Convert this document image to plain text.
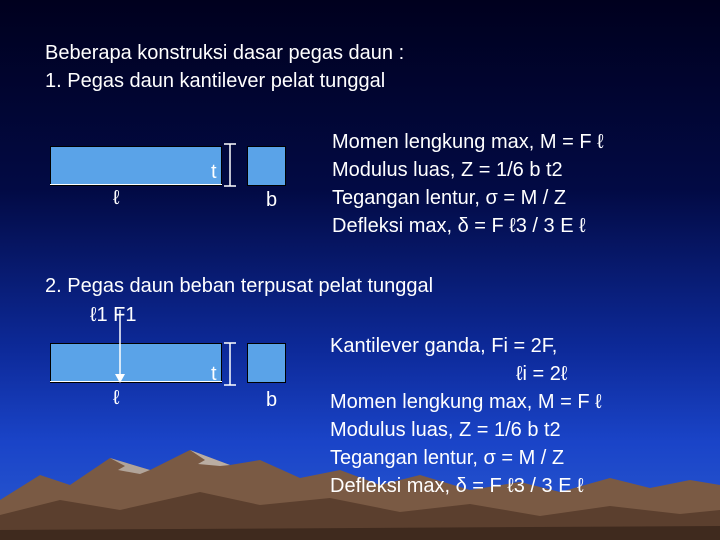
Beberapa konstruksi dasar pegas daun :
1. Pegas daun kantilever pelat tunggal
ℓ
t
b
Momen lengkung max, M = F ℓ
Modulus luas, Z = 1/6 b t2
Tegangan lentur, σ = M / Z
Defleksi max, δ = F ℓ3 / 3 E ℓ
2. Pegas daun beban terpusat pelat tunggal
ℓ1 F1
ℓ
t
b
Kantilever ganda, Fi = 2F,
ℓi = 2ℓ
Momen lengkung max, M = F ℓ
Modulus luas, Z = 1/6 b t2
Tegangan lentur, σ = M / Z
Defleksi max, δ = F ℓ3 / 3 E ℓ
